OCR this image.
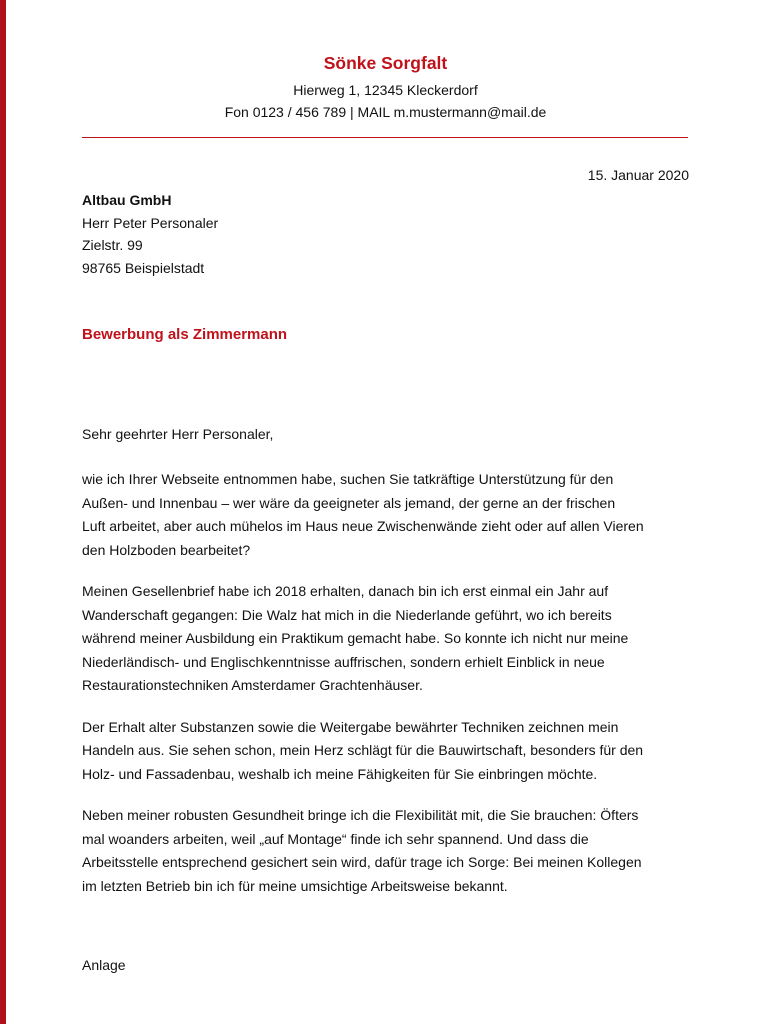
Sönke Sorgfalt
Hierweg 1, 12345 Kleckerdorf
Fon 0123 / 456 789 | MAIL m.mustermann@mail.de
15. Januar 2020
Altbau GmbH
Herr Peter Personaler
Zielstr. 99
98765 Beispielstadt
Bewerbung als Zimmermann
Sehr geehrter Herr Personaler,

wie ich Ihrer Webseite entnommen habe, suchen Sie tatkräftige Unterstützung für den
Außen- und Innenbau – wer wäre da geeigneter als jemand, der gerne an der frischen
Luft arbeitet, aber auch mühelos im Haus neue Zwischenwände zieht oder auf allen Vieren
den Holzboden bearbeitet?

Meinen Gesellenbrief habe ich 2018 erhalten, danach bin ich erst einmal ein Jahr auf
Wanderschaft gegangen: Die Walz hat mich in die Niederlande geführt, wo ich bereits
während meiner Ausbildung ein Praktikum gemacht habe. So konnte ich nicht nur meine
Niederländisch- und Englischkenntnisse auffrischen, sondern erhielt Einblick in neue
Restaurationstechniken Amsterdamer Grachtenhäuser.

Der Erhalt alter Substanzen sowie die Weitergabe bewährter Techniken zeichnen mein
Handeln aus. Sie sehen schon, mein Herz schlägt für die Bauwirtschaft, besonders für den
Holz- und Fassadenbau, weshalb ich meine Fähigkeiten für Sie einbringen möchte.

Neben meiner robusten Gesundheit bringe ich die Flexibilität mit, die Sie brauchen: Öfters
mal woanders arbeiten, weil „auf Montage“ finde ich sehr spannend. Und dass die
Arbeitsstelle entsprechend gesichert sein wird, dafür trage ich Sorge: Bei meinen Kollegen
im letzten Betrieb bin ich für meine umsichtige Arbeitsweise bekannt.

Anlage
